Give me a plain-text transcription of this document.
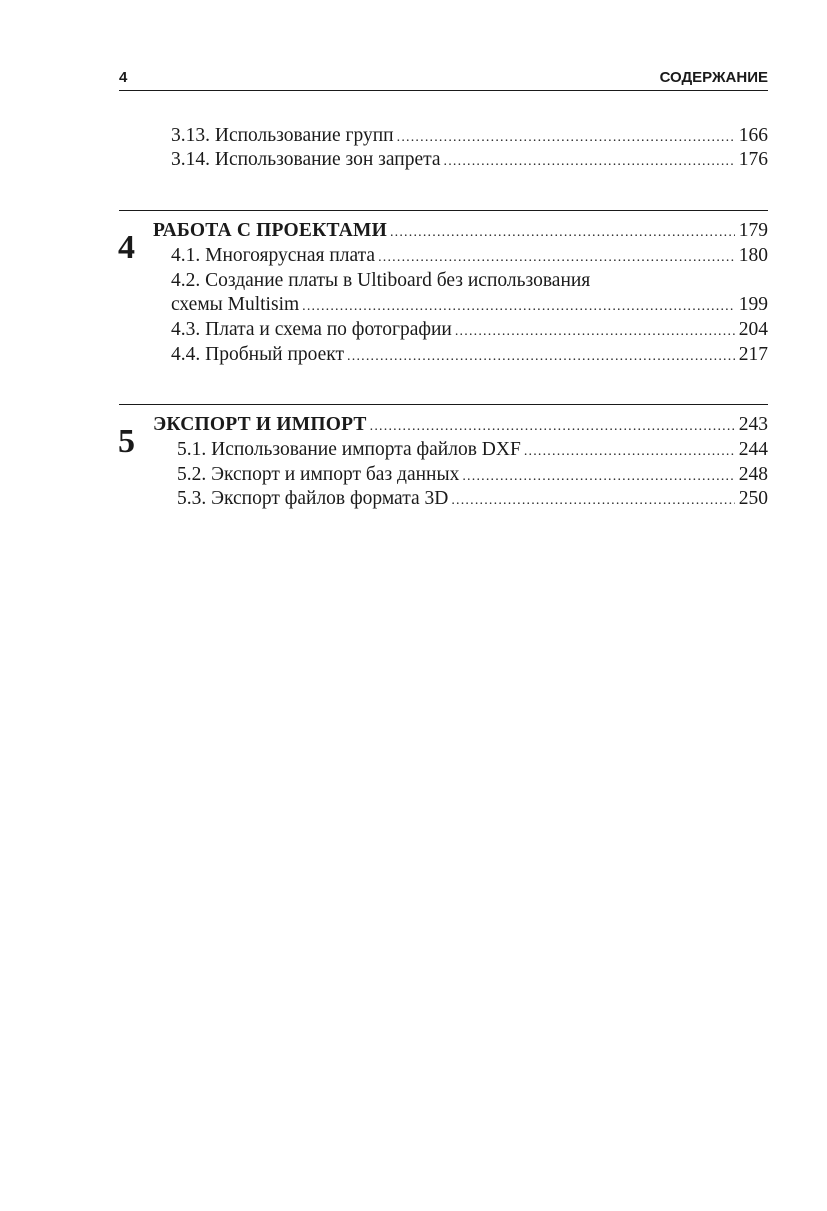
4	СОДЕРЖАНИЕ
3.13. Использование групп .....	166
3.14. Использование зон запрета .....	176
4 РАБОТА С ПРОЕКТАМИ .....	179
4.1. Многоярусная плата .....	180
4.2. Создание платы в Ultiboard без использования
схемы Multisim .....	199
4.3. Плата и схема по фотографии .....	204
4.4. Пробный проект .....	217
5 ЭКСПОРТ И ИМПОРТ .....	243
5.1. Использование импорта файлов DXF .....	244
5.2. Экспорт и импорт баз данных .....	248
5.3. Экспорт файлов формата 3D .....	250
